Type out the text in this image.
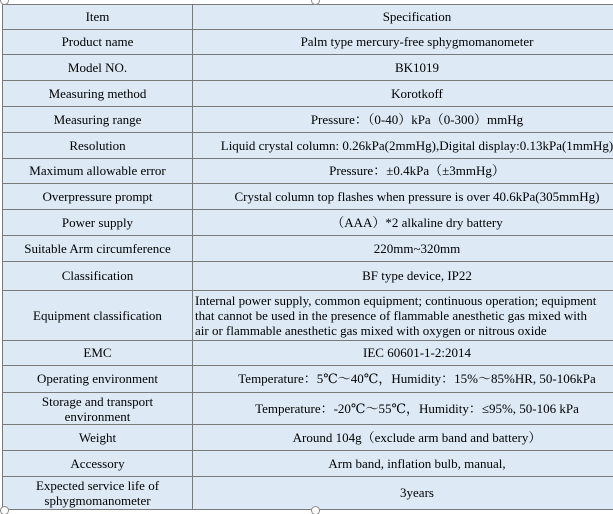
Item	Specification
Product name	Palm type mercury-free sphygmomanometer
Model NO.	BK1019
Measuring method	Korotkoff
Measuring range	Pressure：（0-40）kPa（0-300）mmHg
Resolution	Liquid crystal column: 0.26kPa(2mmHg),Digital display:0.13kPa(1mmHg)
Maximum allowable error	Pressure：±0.4kPa（±3mmHg）
Overpressure prompt	Crystal column top flashes when pressure is over 40.6kPa(305mmHg)
Power supply	（AAA）*2 alkaline dry battery
Suitable Arm circumference	220mm~320mm
Classification	BF type device, IP22
Equipment classification	Internal power supply, common equipment; continuous operation; equipment
that cannot be used in the presence of flammable anesthetic gas mixed with
air or flammable anesthetic gas mixed with oxygen or nitrous oxide

EMC	IEC 60601-1-2:2014
Operating environment	Temperature：5℃～40℃，Humidity：15%～85%HR, 50-106kPa

Storage and transport
environment	Temperature：-20℃～55℃，Humidity：≤95%, 50-106 kPa
Weight	Around 104g（exclude arm band and battery）
Accessory	Arm band, inflation bulb, manual,

Expected service life of
sphygmomanometer	3years
